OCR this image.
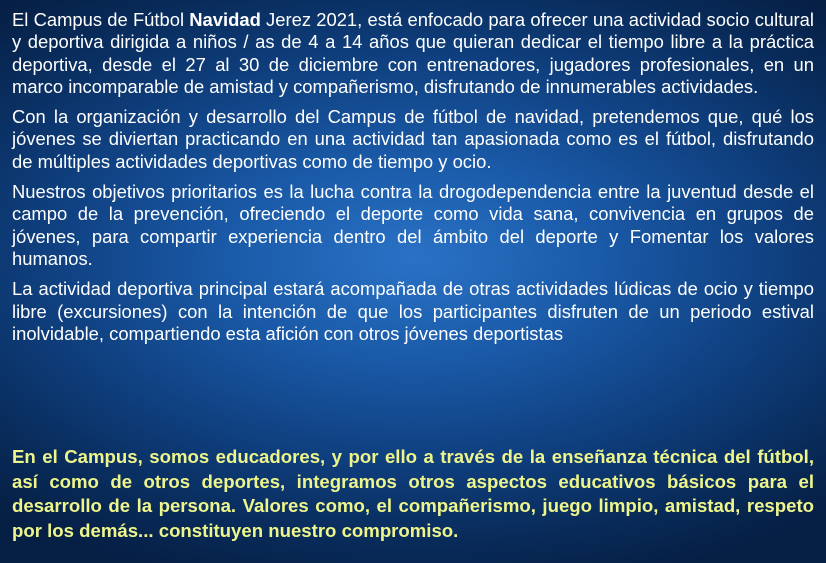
El Campus de Fútbol Navidad Jerez 2021, está enfocado para ofrecer una actividad socio cultural y deportiva dirigida a niños / as de 4 a 14 años que quieran dedicar el tiempo libre a la práctica deportiva, desde el 27 al 30 de diciembre con entrenadores, jugadores profesionales, en un marco incomparable de amistad y compañerismo, disfrutando de innumerables actividades.

Con la organización y desarrollo del Campus de fútbol de navidad, pretendemos que, qué los jóvenes se diviertan practicando en una actividad tan apasionada como es el fútbol, disfrutando de múltiples actividades deportivas como de tiempo y ocio.

Nuestros objetivos prioritarios es la lucha contra la drogodependencia entre la juventud desde el campo de la prevención, ofreciendo el deporte como vida sana, convivencia en grupos de jóvenes, para compartir experiencia dentro del ámbito del deporte y Fomentar los valores humanos.

La actividad deportiva principal estará acompañada de otras actividades lúdicas de ocio y tiempo libre (excursiones) con la intención de que los participantes disfruten de un periodo estival inolvidable, compartiendo esta afición con otros jóvenes deportistas

En el Campus, somos educadores, y por ello a través de la enseñanza técnica del fútbol, así como de otros deportes, integramos otros aspectos educativos básicos para el desarrollo de la persona. Valores como, el compañerismo, juego limpio, amistad, respeto por los demás... constituyen nuestro compromiso.
